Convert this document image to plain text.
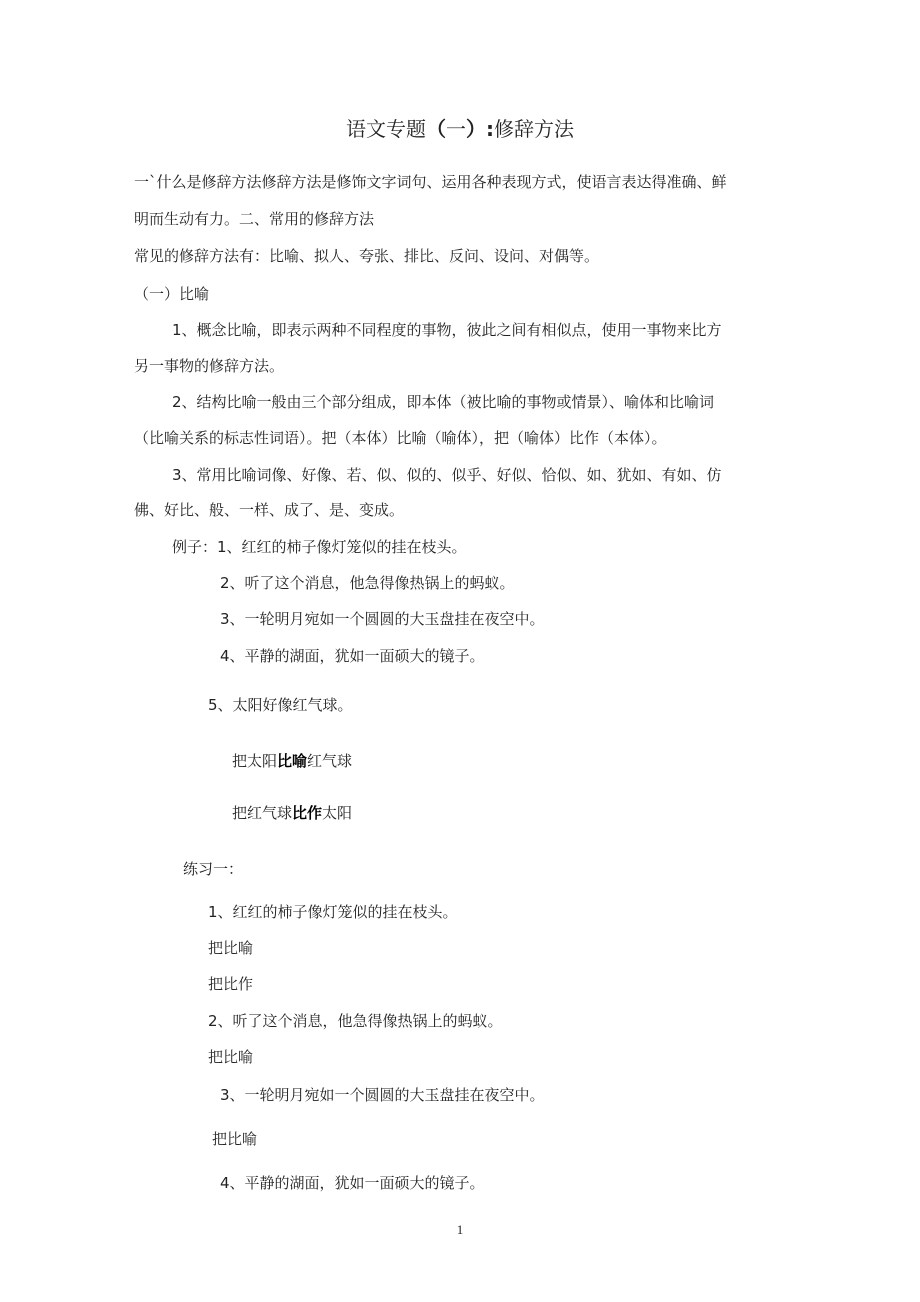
语文专题（一）:修辞方法
一`什么是修辞方法修辞方法是修饰文字词句、运用各种表现方式，使语言表达得准确、鲜
明而生动有力。二、常用的修辞方法
常见的修辞方法有：比喻、拟人、夸张、排比、反问、设问、对偶等。
（一）比喻
1、概念比喻，即表示两种不同程度的事物，彼此之间有相似点，使用一事物来比方
另一事物的修辞方法。
2、结构比喻一般由三个部分组成，即本体（被比喻的事物或情景）、喻体和比喻词
（比喻关系的标志性词语）。把（本体）比喻（喻体），把（喻体）比作（本体）。
3、常用比喻词像、好像、若、似、似的、似乎、好似、恰似、如、犹如、有如、仿
佛、好比、般、一样、成了、是、变成。
例子：1、红红的柿子像灯笼似的挂在枝头。
2、听了这个消息，他急得像热锅上的蚂蚁。
3、一轮明月宛如一个圆圆的大玉盘挂在夜空中。
4、平静的湖面，犹如一面硕大的镜子。
5、太阳好像红气球。
把太阳比喻红气球
把红气球比作太阳
练习一：
1、红红的柿子像灯笼似的挂在枝头。
把比喻
把比作
2、听了这个消息，他急得像热锅上的蚂蚁。
把比喻
3、一轮明月宛如一个圆圆的大玉盘挂在夜空中。
把比喻
4、平静的湖面，犹如一面硕大的镜子。
1
